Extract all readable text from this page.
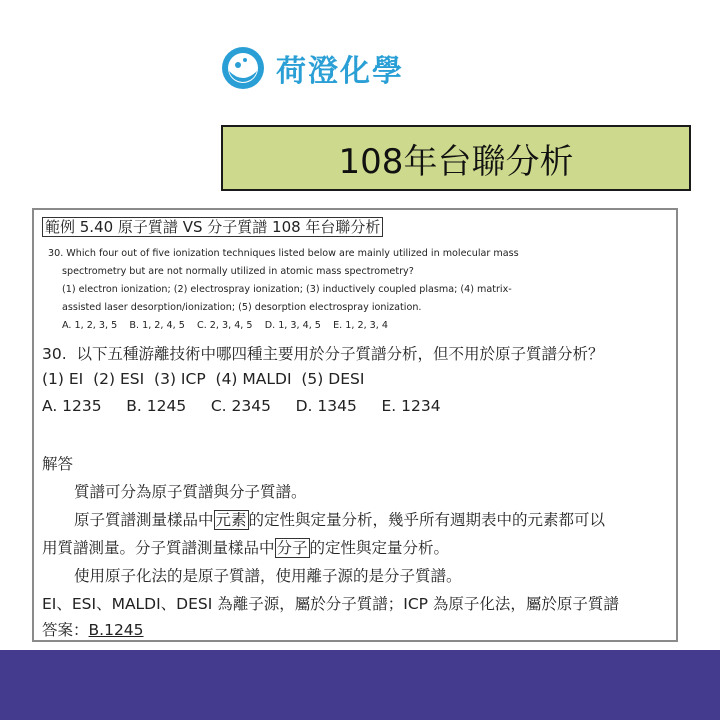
荷澄化學
108年台聯分析
範例 5.40 原子質譜 VS 分子質譜 108 年台聯分析
30. Which four out of five ionization techniques listed below are mainly utilized in molecular mass
spectrometry but are not normally utilized in atomic mass spectrometry?
(1) electron ionization; (2) electrospray ionization; (3) inductively coupled plasma; (4) matrix-
assisted laser desorption/ionization; (5) desorption electrospray ionization.
A. 1, 2, 3, 5    B. 1, 2, 4, 5    C. 2, 3, 4, 5    D. 1, 3, 4, 5    E. 1, 2, 3, 4
30.  以下五種游離技術中哪四種主要用於分子質譜分析，但不用於原子質譜分析？
(1) EI  (2) ESI  (3) ICP  (4) MALDI  (5) DESI
A. 1235     B. 1245     C. 2345     D. 1345     E. 1234
解答
質譜可分為原子質譜與分子質譜。
原子質譜測量樣品中 元素 的定性與定量分析，幾乎所有週期表中的元素都可以
用質譜測量。分子質譜測量樣品中 分子 的定性與定量分析。
使用原子化法的是原子質譜，使用離子源的是分子質譜。
EI、ESI、MALDI、DESI 為離子源，屬於分子質譜；ICP 為原子化法，屬於原子質譜
答案：B.1245
